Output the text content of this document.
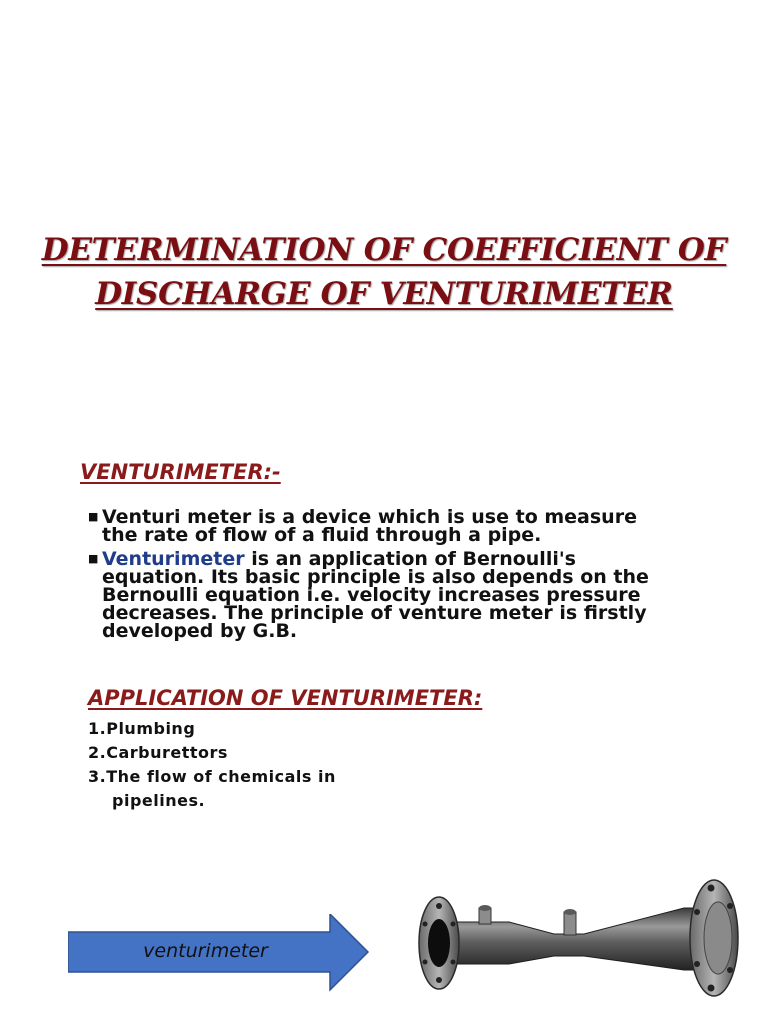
DETERMINATION OF COEFFICIENT OF
DISCHARGE OF VENTURIMETER
VENTURIMETER:-
■ Venturi meter is a device which is use to measure the rate of flow of a fluid through a pipe.
■ Venturimeter is an application of Bernoulli's equation. Its basic principle is also depends on the Bernoulli equation i.e. velocity increases pressure decreases. The principle of venture meter is firstly developed by G.B.
APPLICATION OF VENTURIMETER:
1.Plumbing
2.Carburettors
3.The flow of chemicals in
pipelines.
venturimeter
